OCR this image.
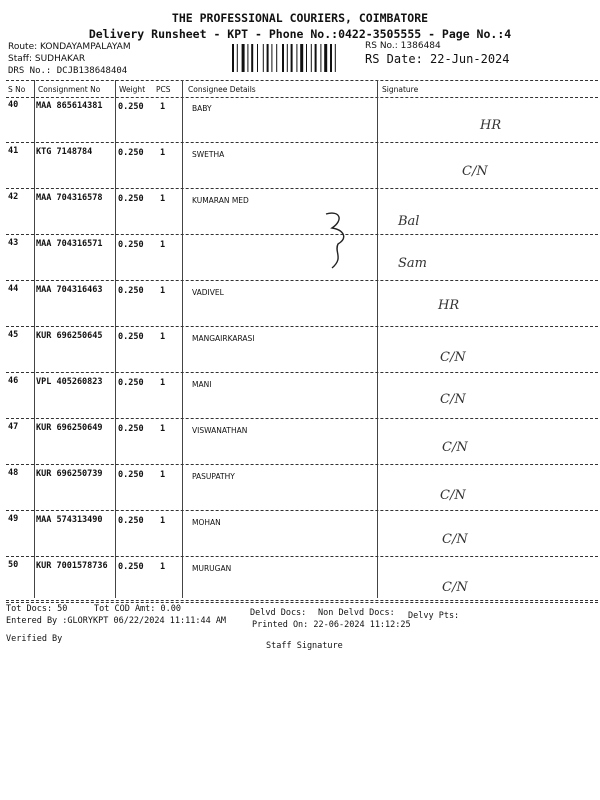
THE PROFESSIONAL COURIERS, COIMBATORE
Delivery Runsheet - KPT - Phone No.:0422-3505555 - Page No.:4
Route: KONDAYAMPALAYAM
Staff: SUDHAKAR
DRS No.: DCJB138648404
RS No.: 1386484
RS Date: 22-Jun-2024
S No Consignment No Weight PCS Consignee Details	Signature
40 MAA 865614381 0.250 1	BABY
HR
41 KTG 7148784	0.250 1	SWETHA
C/N
42 MAA 704316578 0.250 1	KUMARAN MED
Bal
43 MAA 704316571 0.250 1
Sam
44 MAA 704316463 0.250 1	VADIVEL
HR
45 KUR 696250645 0.250 1	MANGAIRKARASI
C/N
46 VPL 405260823 0.250 1	MANI
C/N
47 KUR 696250649 0.250 1	VISWANATHAN
C/N
48 KUR 696250739 0.250 1	PASUPATHY
C/N
49 MAA 574313490 0.250 1	MOHAN
C/N
50 KUR 7001578736 0.250 1	MURUGAN
C/N
Tot Docs: 50	Tot COD Amt: 0.00	Delvd Docs: Non Delvd Docs: Delvy Pts:
Entered By :GLORYKPT 06/22/2024 11:11:44 AM	Printed On: 22-06-2024 11:12:25
Verified By
Staff Signature
